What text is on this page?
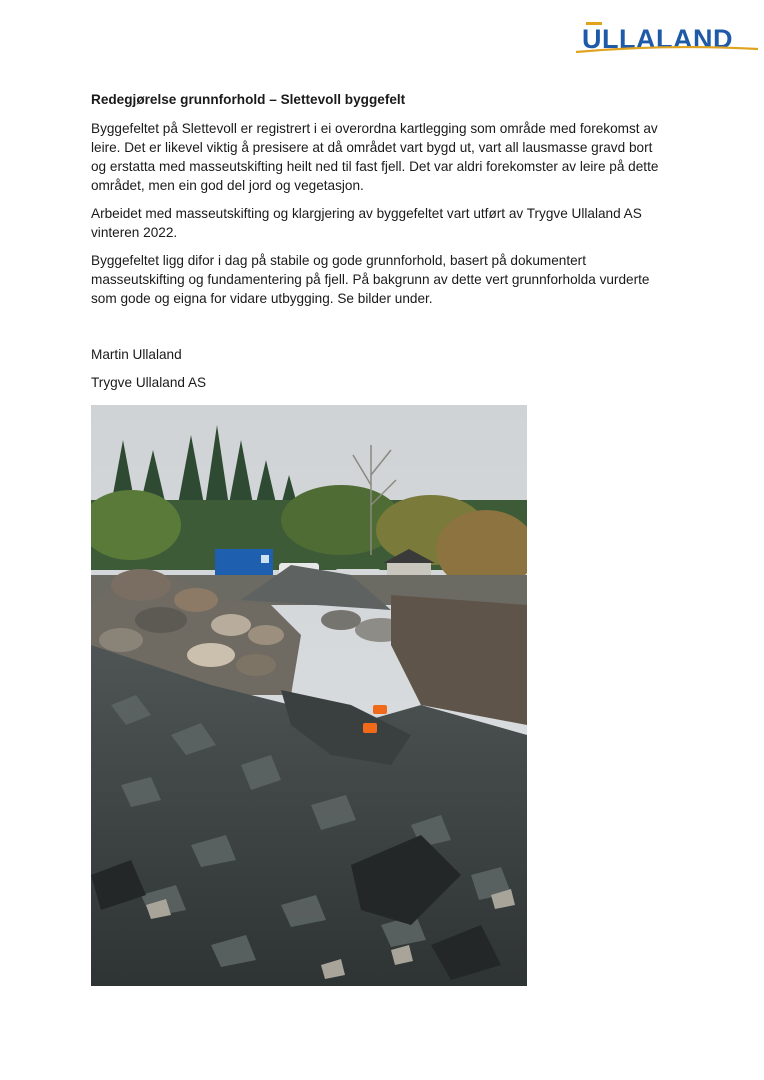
ULLALAND

Redegjørelse grunnforhold – Slettevoll byggefelt

Byggefeltet på Slettevoll er registrert i ei overordna kartlegging som område med forekomst av leire. Det er likevel viktig å presisere at då området vart bygd ut, vart all lausmasse gravd bort og erstatta med masseutskifting heilt ned til fast fjell. Det var aldri forekomster av leire på dette området, men ein god del jord og vegetasjon.

Arbeidet med masseutskifting og klargjering av byggefeltet vart utført av Trygve Ullaland AS vinteren 2022.

Byggefeltet ligg difor i dag på stabile og gode grunnforhold, basert på dokumentert masseutskifting og fundamentering på fjell. På bakgrunn av dette vert grunnforholda vurderte som gode og eigna for vidare utbygging. Se bilder under.

Martin Ullaland

Trygve Ullaland AS
